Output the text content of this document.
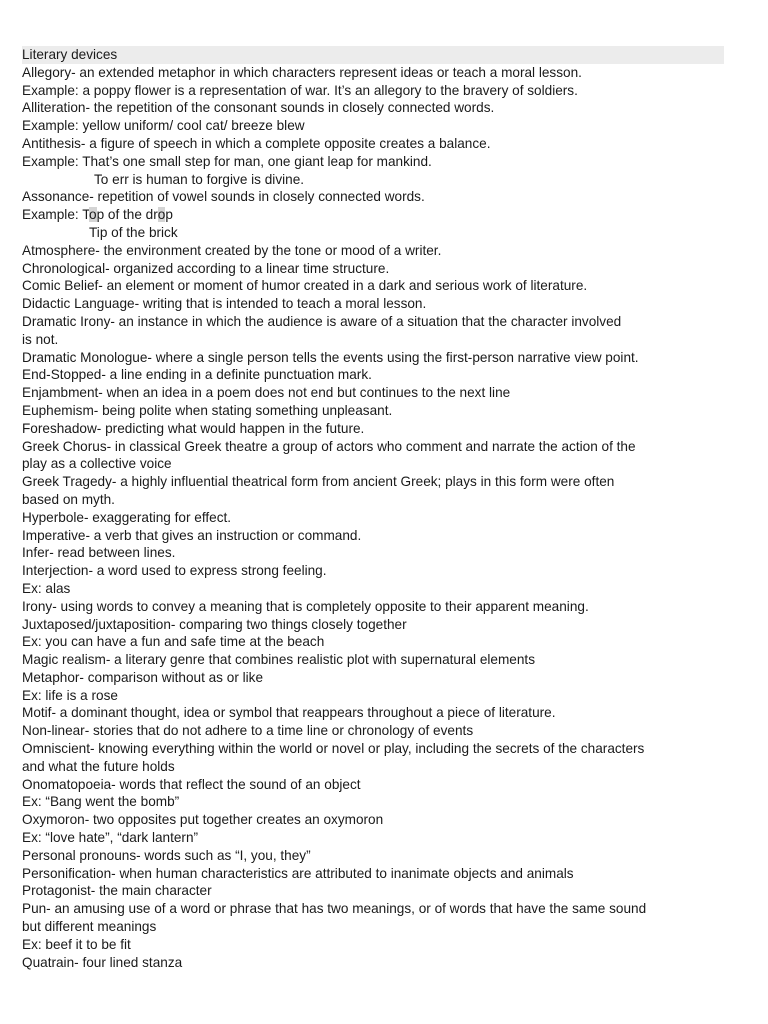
Literary devices
Allegory- an extended metaphor in which characters represent ideas or teach a moral lesson.
Example: a poppy flower is a representation of war. It’s an allegory to the bravery of soldiers.
Alliteration- the repetition of the consonant sounds in closely connected words.
Example: yellow uniform/ cool cat/ breeze blew
Antithesis- a figure of speech in which a complete opposite creates a balance.
Example: That’s one small step for man, one giant leap for mankind.
To err is human to forgive is divine.
Assonance- repetition of vowel sounds in closely connected words.
Example: Top of the drop
Tip of the brick
Atmosphere- the environment created by the tone or mood of a writer.
Chronological- organized according to a linear time structure.
Comic Belief- an element or moment of humor created in a dark and serious work of literature.
Didactic Language- writing that is intended to teach a moral lesson.
Dramatic Irony- an instance in which the audience is aware of a situation that the character involved
is not.
Dramatic Monologue- where a single person tells the events using the first-person narrative view point.
End-Stopped- a line ending in a definite punctuation mark.
Enjambment- when an idea in a poem does not end but continues to the next line
Euphemism- being polite when stating something unpleasant.
Foreshadow- predicting what would happen in the future.
Greek Chorus- in classical Greek theatre a group of actors who comment and narrate the action of the
play as a collective voice
Greek Tragedy- a highly influential theatrical form from ancient Greek; plays in this form were often
based on myth.
Hyperbole- exaggerating for effect.
Imperative- a verb that gives an instruction or command.
Infer- read between lines.
Interjection- a word used to express strong feeling.
Ex: alas
Irony- using words to convey a meaning that is completely opposite to their apparent meaning.
Juxtaposed/juxtaposition- comparing two things closely together
Ex: you can have a fun and safe time at the beach
Magic realism- a literary genre that combines realistic plot with supernatural elements
Metaphor- comparison without as or like
Ex: life is a rose
Motif- a dominant thought, idea or symbol that reappears throughout a piece of literature.
Non-linear- stories that do not adhere to a time line or chronology of events
Omniscient- knowing everything within the world or novel or play, including the secrets of the characters
and what the future holds
Onomatopoeia- words that reflect the sound of an object
Ex: “Bang went the bomb”
Oxymoron- two opposites put together creates an oxymoron
Ex: “love hate”, “dark lantern”
Personal pronouns- words such as “I, you, they”
Personification- when human characteristics are attributed to inanimate objects and animals
Protagonist- the main character
Pun- an amusing use of a word or phrase that has two meanings, or of words that have the same sound
but different meanings
Ex: beef it to be fit
Quatrain- four lined stanza
